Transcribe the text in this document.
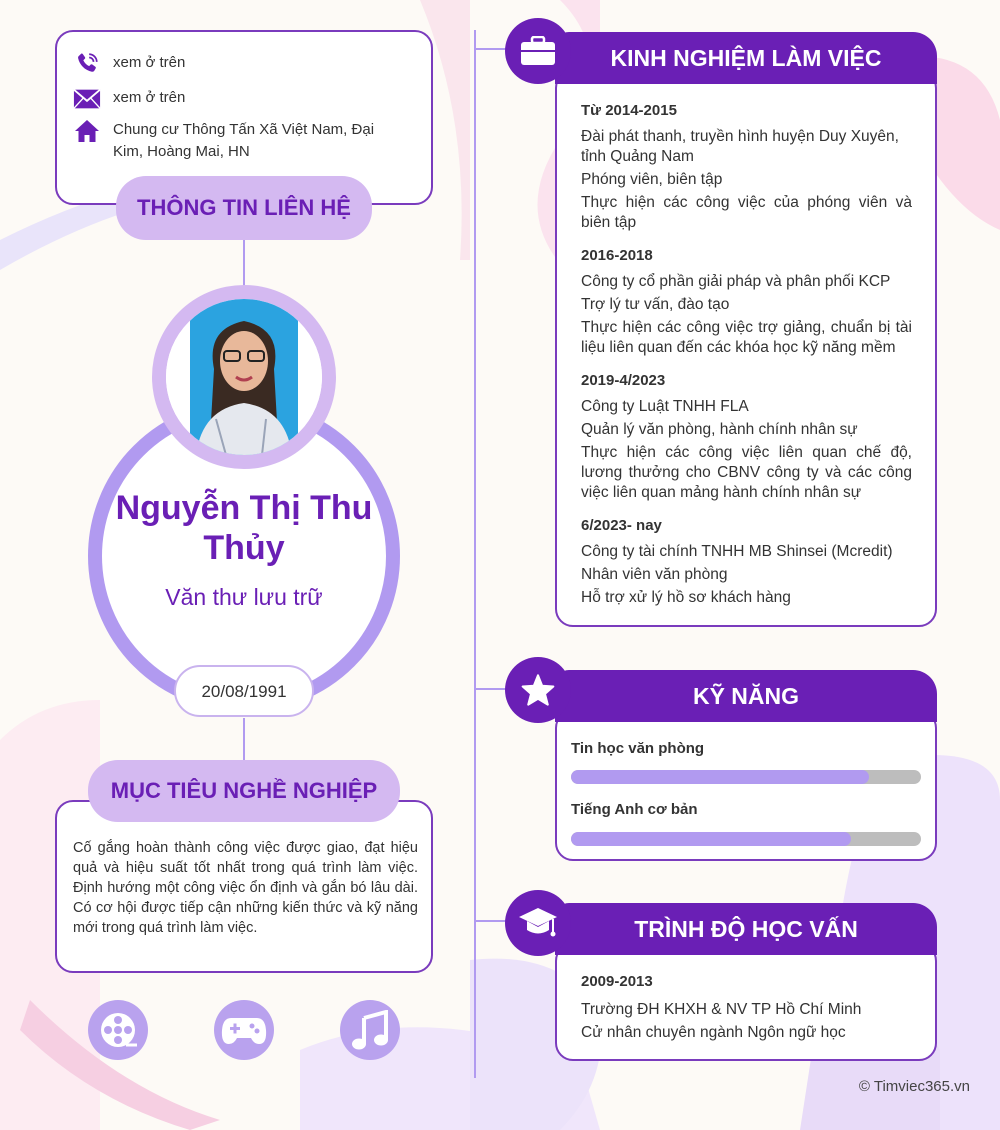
xem ở trên
xem ở trên
Chung cư Thông Tấn Xã Việt Nam, Đại Kim, Hoàng Mai, HN
THÔNG TIN LIÊN HỆ
Nguyễn Thị Thu Thủy
Văn thư lưu trữ
20/08/1991
Cố gắng hoàn thành công việc được giao, đạt hiệu quả và hiệu suất tốt nhất trong quá trình làm việc. Định hướng một công việc ổn định và gắn bó lâu dài. Có cơ hội được tiếp cận những kiến thức và kỹ năng mới trong quá trình làm việc.
MỤC TIÊU NGHỀ NGHIỆP
Từ 2014-2015
Đài phát thanh, truyền hình huyện Duy Xuyên, tỉnh Quảng Nam
Phóng viên, biên tập
Thực hiện các công việc của phóng viên và biên tập
2016-2018
Công ty cổ phần giải pháp và phân phối KCP
Trợ lý tư vấn, đào tạo
Thực hiện các công việc trợ giảng, chuẩn bị tài liệu liên quan đến các khóa học kỹ năng mềm
2019-4/2023
Công ty Luật TNHH FLA
Quản lý văn phòng, hành chính nhân sự
Thực hiện các công việc liên quan chế độ, lương thưởng cho CBNV công ty và các công việc liên quan mảng hành chính nhân sự
6/2023- nay
Công ty tài chính TNHH MB Shinsei (Mcredit)
Nhân viên văn phòng
Hỗ trợ xử lý hồ sơ khách hàng
KINH NGHIỆM LÀM VIỆC
Tin học văn phòng
Tiếng Anh cơ bản
KỸ NĂNG
2009-2013
Trường ĐH KHXH & NV TP Hồ Chí Minh
Cử nhân chuyên ngành Ngôn ngữ học
TRÌNH ĐỘ HỌC VẤN
© Timviec365.vn
